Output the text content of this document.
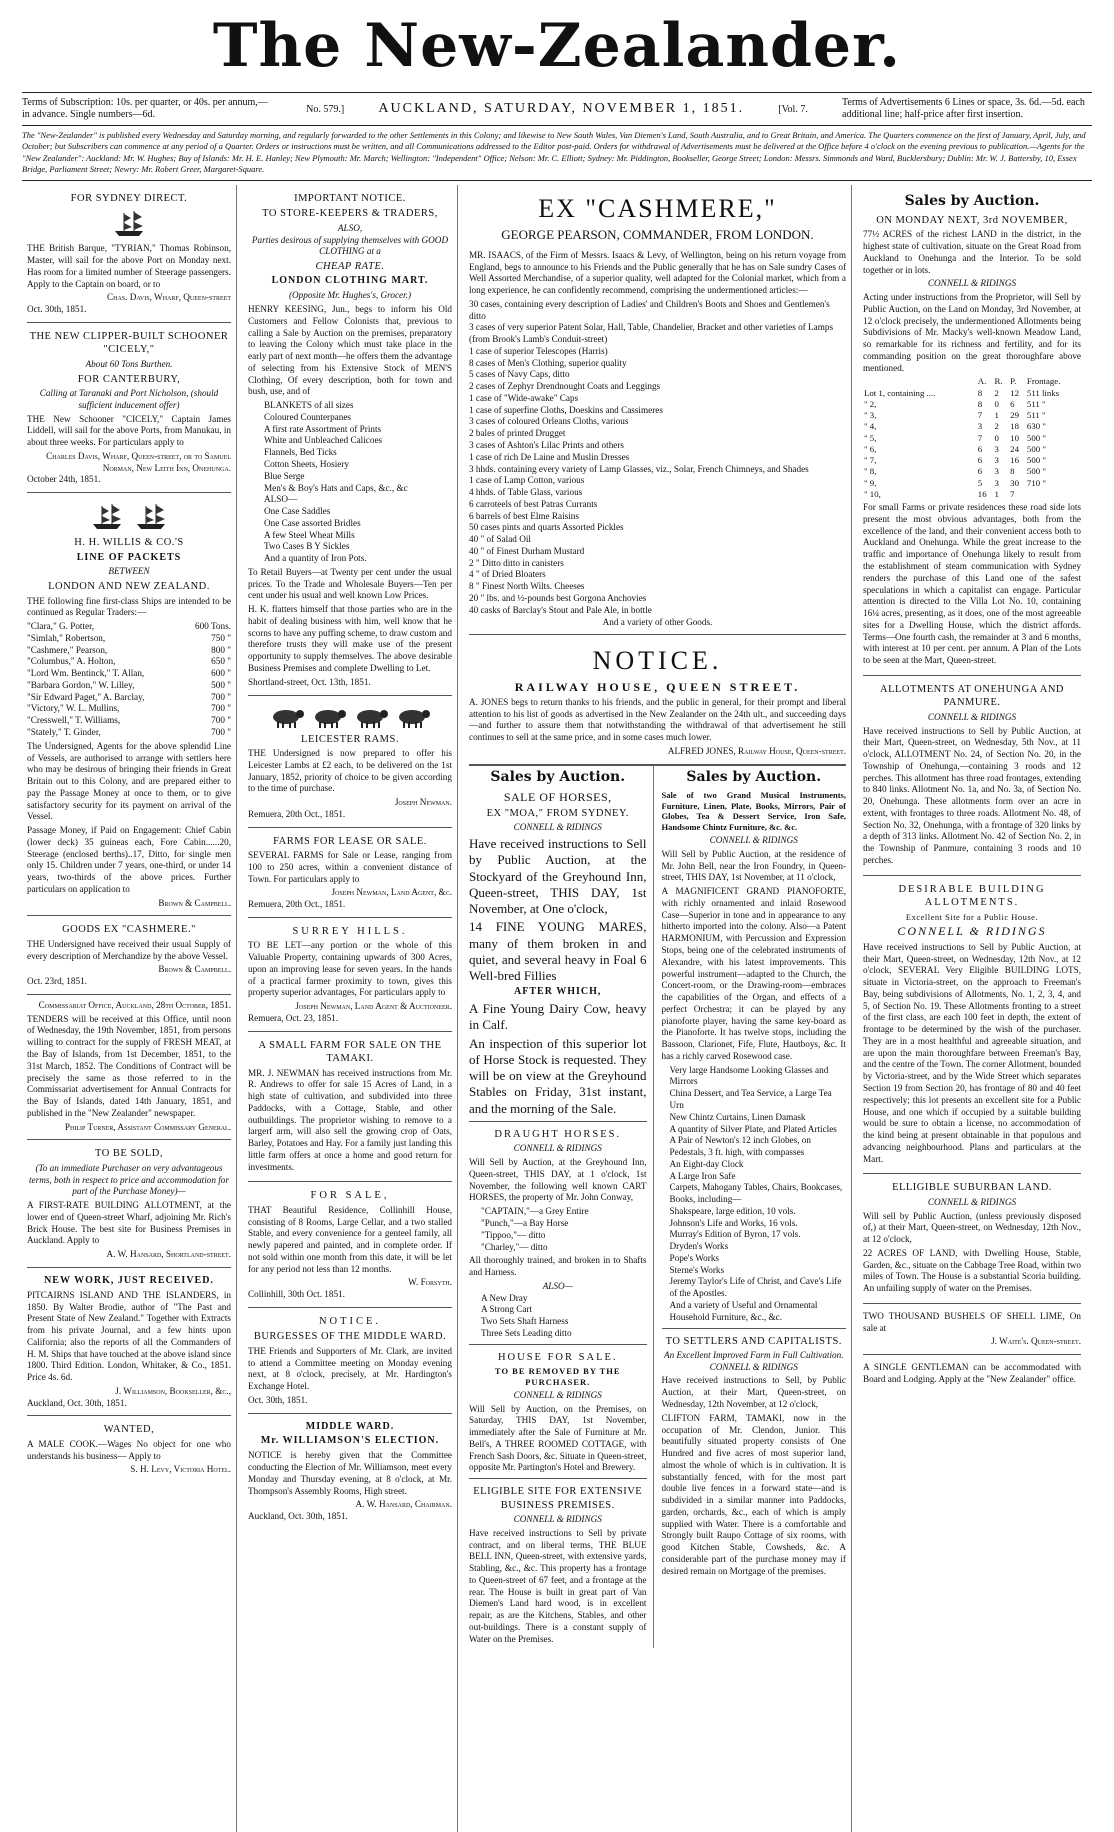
The New-Zealander.
Terms of Subscription: 10s. per quarter, or 40s. per annum,—in advance. Single numbers—6d.	No. 579.] AUCKLAND, SATURDAY, NOVEMBER 1, 1851.	[Vol. 7.
Terms of Advertisements 6 Lines or space, 3s. 6d.—5d. each additional line; half-price after first insertion.
The "New-Zealander" is published every Wednesday and Saturday morning, and regularly forwarded to the other Settlements in this Colony; and likewise to New South Wales, Van Diemen's Land, South Australia, and to Great Britain, and America. The Quarters commence on the first of January, April, July, and October; but Subscribers can commence at any period of a Quarter. Orders or instructions must be written, and all Communications addressed to the Editor post-paid. Orders for withdrawal of Advertisements must be delivered at the Office before 4 o'clock on the evening previous to publication.—Agents for the "New Zealander": Auckland: Mr. W. Hughes; Bay of Islands: Mr. H. E. Hanley; New Plymouth: Mr. March; Wellington: "Independent" Office; Nelson: Mr. C. Elliott; Sydney: Mr. Piddington, Bookseller, George Street; London: Messrs. Simmonds and Ward, Bucklersbury; Dublin: Mr. W. J. Battersby, 10, Essex Bridge, Parliament Street; Newry: Mr. Robert Greer, Margaret-Square.
FOR SYDNEY DIRECT.

THE British Barque, "TYRIAN," Thomas Robinson, Master, will sail for the above Port on Monday next. Has room for a limited number of Steerage passengers. Apply to the Captain on board, or to

Chas. Davis, Wharf, Queen-street
Oct. 30th, 1851.
THE NEW CLIPPER-BUILT SCHOONER "CICELY,"
About 60 Tons Burthen.
FOR CANTERBURY,
Calling at Taranaki and Port Nicholson, (should sufficient inducement offer)

THE New Schooner "CICELY," Captain James Liddell, will sail for the above Ports, from Manukau, in about three weeks. For particulars apply to

Charles Davis, Wharf, Queen-street, or to Samuel Norman, New Leith Inn, Onehunga.
October 24th, 1851.
H. H. WILLIS & CO.'S
LINE OF PACKETS
BETWEEN
LONDON AND NEW ZEALAND.

THE following fine first-class Ships are intended to be continued as Regular Traders:—

"Clara," G. Potter,	600 Tons.
"Simlah," Robertson,	750 "
"Cashmere," Pearson,	800 "
"Columbus," A. Holton,	650 "
"Lord Wm. Bentinck," T. Allan,	600 "
"Barbara Gordon," W. Lilley,	500 "
"Sir Edward Paget," A. Barclay,	700 "
"Victory," W. L. Mullins,	700 "
"Cresswell," T. Williams,	700 "
"Stately," T. Ginder,	700 "

The Undersigned, Agents for the above splendid Line of Vessels, are authorised to arrange with settlers here who may be desirous of bringing their friends in Great Britain out to this Colony, and are prepared either to pay the Passage Money at once to them, or to give satisfactory security for its payment on arrival of the Vessel.

Passage Money, if Paid on Engagement: Chief Cabin (lower deck) 35 guineas each, Fore Cabin......20, Steerage (enclosed berths)..17, Ditto, for single men only 15. Children under 7 years, one-third, or under 14 years, two-thirds of the above prices. Further particulars on application to

Brown & Campbell.
GOODS EX "CASHMERE."

THE Undersigned have received their usual Supply of every description of Merchandize by the above Vessel.

Brown & Campbell.
Oct. 23rd, 1851.
Commissariat Office, Auckland, 28th October, 1851.

TENDERS will be received at this Office, until noon of Wednesday, the 19th November, 1851, from persons willing to contract for the supply of FRESH MEAT, at the Bay of Islands, from 1st December, 1851, to the 31st March, 1852. The Conditions of Contract will be precisely the same as those referred to in the Commissariat advertisement for Annual Contracts for the Bay of Islands, dated 14th January, 1851, and published in the "New Zealander" newspaper.

Philip Turner, Assistant Commissary General.
TO BE SOLD,
(To an immediate Purchaser on very advantageous terms, both in respect to price and accommodation for part of the Purchase Money)—

A FIRST-RATE BUILDING ALLOTMENT, at the lower end of Queen-street Wharf, adjoining Mr. Rich's Brick House. The best site for Business Premises in Auckland. Apply to

A. W. Hansard, Shortland-street.
NEW WORK, JUST RECEIVED.

PITCAIRNS ISLAND AND THE ISLANDERS, in 1850. By Walter Brodie, author of "The Past and Present State of New Zealand." Together with Extracts from his private Journal, and a few hints upon California; also the reports of all the Commanders of H. M. Ships that have touched at the above island since 1800. Third Edition. London, Whitaker, & Co., 1851. Price 4s. 6d.

J. Williamson, Bookseller, &c.,
Auckland, Oct. 30th, 1851.
WANTED,

A MALE COOK.—Wages No object for one who understands his business— Apply to

S. H. Levy, Victoria Hotel.
IMPORTANT NOTICE.
TO STORE-KEEPERS & TRADERS,
ALSO,
Parties desirous of supplying themselves with GOOD CLOTHING at a
CHEAP RATE.
LONDON CLOTHING MART.
(Opposite Mr. Hughes's, Grocer.)

HENRY KEESING, Jun., begs to inform his Old Customers and Fellow Colonists that, previous to calling a Sale by Auction on the premises, preparatory to leaving the Colony which must take place in the early part of next month—he offers them the advantage of selecting from his Extensive Stock of MEN'S Clothing, Of every description, both for town and bush, use, and of

BLANKETS of all sizes
Coloured Counterpanes
A first rate Assortment of Prints
White and Unbleached Calicoes
Flannels, Bed Ticks
Cotton Sheets, Hosiery
Blue Serge
Men's & Boy's Hats and Caps, &c., &c
ALSO—
One Case Saddles
One Case assorted Bridles
A few Steel Wheat Mills
Two Cases B Y Sickles
And a quantity of Iron Pots.

To Retail Buyers—at Twenty per cent under the usual prices. To the Trade and Wholesale Buyers—Ten per cent under his usual and well known Low Prices.

H. K. flatters himself that those parties who are in the habit of dealing business with him, well know that he scorns to have any puffing scheme, to draw custom and therefore trusts they will make use of the present opportunity to supply themselves. The above desirable Business Premises and complete Dwelling to Let.

Shortland-street, Oct. 13th, 1851.
LEICESTER RAMS.

THE Undersigned is now prepared to offer his Leicester Lambs at £2 each, to be delivered on the 1st January, 1852, priority of choice to be given according to the time of purchase.

Joseph Newman.
Remuera, 20th Oct., 1851.
FARMS FOR LEASE OR SALE.

SEVERAL FARMS for Sale or Lease, ranging from 100 to 250 acres, within a convenient distance of Town. For particulars apply to

Joseph Newman, Land Agent, &c.
Remuera, 20th Oct., 1851.
SURREY HILLS.

TO BE LET—any portion or the whole of this Valuable Property, containing upwards of 300 Acres, upon an improving lease for seven years. In the hands of a practical farmer proximity to town, gives this property superior advantages, For particulars apply to

Joseph Newman, Land Agent & Auctioneer.
Remuera, Oct. 23, 1851.
A SMALL FARM FOR SALE ON THE TAMAKI.

MR. J. NEWMAN has received instructions from Mr. R. Andrews to offer for sale 15 Acres of Land, in a high state of cultivation, and subdivided into three Paddocks, with a Cottage, Stable, and other outbuildings. The proprietor wishing to remove to a largerf arm, will also sell the growing crop of Oats, Barley, Potatoes and Hay. For a family just landing this little farm offers at once a home and good return for investments.

FOR SALE,

THAT Beautiful Residence, Collinhill House, consisting of 8 Rooms, Large Cellar, and a two stalled Stable, and every convenience for a genteel family, all newly papered and painted, and in complete order. If not sold within one month from this date, it will be let for any period not less than 12 months.

W. Forsyth.
Collinhill, 30th Oct. 1851.
NOTICE.
BURGESSES OF THE MIDDLE WARD.

THE Friends and Supporters of Mr. Clark, are invited to attend a Committee meeting on Monday evening next, at 8 o'clock, precisely, at Mr. Hardington's Exchange Hotel.

Oct. 30th, 1851.
MIDDLE WARD.
Mr. WILLIAMSON'S ELECTION.

NOTICE is hereby given that the Committee conducting the Election of Mr. Williamson, meet every Monday and Thursday evening, at 8 o'clock, at Mr. Thompson's Assembly Rooms, High street.

A. W. Hansard, Chairman.
Auckland, Oct. 30th, 1851.
EX "CASHMERE,"
GEORGE PEARSON, COMMANDER, FROM LONDON.

MR. ISAACS, of the Firm of Messrs. Isaacs & Levy, of Wellington, being on his return voyage from England, begs to announce to his Friends and the Public generally that he has on Sale sundry Cases of Well Assorted Merchandise, of a superior quality, well adapted for the Colonial market, which from a long experience, he can confidently recommend, comprising the undermentioned articles:—

30 cases, containing every description of Ladies' and Children's Boots and Shoes and Gentlemen's ditto
3 cases of very superior Patent Solar, Hall, Table, Chandelier, Bracket and other varieties of Lamps (from Brook's Lamb's Conduit-street)
1 case of superior Telescopes (Harris)
8 cases of Men's Clothing, superior quality
5 cases of Navy Caps, ditto
2 cases of Zephyr Drendnought Coats and Leggings
1 case of "Wide-awake" Caps
1 case of superfine Cloths, Doeskins and Cassimeres
3 cases of coloured Orleans Cloths, various
2 bales of printed Drugget
3 cases of Ashton's Lilac Prints and others
1 case of rich De Laine and Muslin Dresses
3 hhds. containing every variety of Lamp Glasses, viz., Solar, French Chimneys, and Shades
1 case of Lamp Cotton, various
4 hhds. of Table Glass, various
6 carroteels of best Patras Currants
6 barrels of best Elme Raisins
50 cases pints and quarts Assorted Pickles
40 " of Salad Oil
40 " of Finest Durham Mustard
2 " Ditto ditto in canisters
4 " of Dried Bloaters
8 " Finest North Wilts. Cheeses
20 " lbs. and ½-pounds best Gorgona Anchovies
40 casks of Barclay's Stout and Pale Ale, in bottle
And a variety of other Goods.
NOTICE.
RAILWAY HOUSE, QUEEN STREET.

A. JONES begs to return thanks to his friends, and the public in general, for their prompt and liberal attention to his list of goods as advertised in the New Zealander on the 24th ult., and succeeding days—and further to assure them that notwithstanding the withdrawal of that advertisement he still continues to sell at the same price, and in some cases much lower.

ALFRED JONES, Railway House, Queen-street.
Sales by Auction.
SALE OF HORSES,
EX "MOA," FROM SYDNEY.
CONNELL & RIDINGS

Have received instructions to Sell by Public Auction, at the Stockyard of the Greyhound Inn, Queen-street, THIS DAY, 1st November, at One o'clock,

14 FINE YOUNG MARES, many of them broken in and quiet, and several heavy in Foal 6 Well-bred Fillies

AFTER WHICH,

A Fine Young Dairy Cow, heavy in Calf.

An inspection of this superior lot of Horse Stock is requested. They will be on view at the Greyhound Stables on Friday, 31st instant, and the morning of the Sale.

DRAUGHT HORSES.
CONNELL & RIDINGS

Will Sell by Auction, at the Greyhound Inn, Queen-street, THIS DAY, at 1 o'clock, 1st November, the following well known CART HORSES, the property of Mr. John Conway,

"CAPTAIN,"—a Grey Entire
"Punch,"—a Bay Horse
"Tippoo,"— ditto
"Charley,"— ditto

All thoroughly trained, and broken in to Shafts and Harness.

ALSO—
A New Dray
A Strong Cart
Two Sets Shaft Harness
Three Sets Leading ditto
HOUSE FOR SALE.
TO BE REMOVED BY THE PURCHASER.
CONNELL & RIDINGS

Will Sell by Auction, on the Premises, on Saturday, THIS DAY, 1st November, immediately after the Sale of Furniture at Mr. Bell's, A THREE ROOMED COTTAGE, with French Sash Doors, &c. Situate in Queen-street, opposite Mr. Partington's Hotel and Brewery.

ELIGIBLE SITE FOR EXTENSIVE BUSINESS PREMISES.
CONNELL & RIDINGS

Have received instructions to Sell by private contract, and on liberal terms, THE BLUE BELL INN, Queen-street, with extensive yards, Stabling, &c., &c. This property has a frontage to Queen-street of 67 feet, and a frontage at the rear. The House is built in great part of Van Diemen's Land hard wood, is in excellent repair, as are the Kitchens, Stables, and other out-buildings. There is a constant supply of Water on the Premises.

Sales by Auction.

Sale of two Grand Musical Instruments, Furniture, Linen, Plate, Books, Mirrors, Pair of Globes, Tea & Dessert Service, Iron Safe, Handsome Chintz Furniture, &c. &c.

CONNELL & RIDINGS

Will Sell by Public Auction, at the residence of Mr. John Bell, near the Iron Foundry, in Queen-street, THIS DAY, 1st November, at 11 o'clock,

A MAGNIFICENT GRAND PIANOFORTE, with richly ornamented and inlaid Rosewood Case—Superior in tone and in appearance to any hitherto imported into the colony. Also—a Patent HARMONIUM, with Percussion and Expression Stops, being one of the celebrated instruments of Alexandre, with his latest improvements. This powerful instrument—adapted to the Church, the Concert-room, or the Drawing-room—embraces the capabilities of the Organ, and effects of a perfect Orchestra; it can be played by any pianoforte player, having the same key-board as the Pianoforte. It has twelve stops, including the Bassoon, Clarionet, Fife, Flute, Hautboys, &c. It has a richly carved Rosewood case.

Very large Handsome Looking Glasses and Mirrors
China Dessert, and Tea Service, a Large Tea Urn
New Chintz Curtains, Linen Damask
A quantity of Silver Plate, and Plated Articles
A Pair of Newton's 12 inch Globes, on Pedestals, 3 ft. high, with compasses
An Eight-day Clock
A Large Iron Safe
Carpets, Mahogany Tables, Chairs, Bookcases, Books, including—
Shakspeare, large edition, 10 vols.
Johnson's Life and Works, 16 vols.
Murray's Edition of Byron, 17 vols.
Dryden's Works
Pope's Works
Sterne's Works
Jeremy Taylor's Life of Christ, and Cave's Life of the Apostles.
And a variety of Useful and Ornamental Household Furniture, &c., &c.
TO SETTLERS AND CAPITALISTS.
An Excellent Improved Farm in Full Cultivation.
CONNELL & RIDINGS

Have received instructions to Sell, by Public Auction, at their Mart, Queen-street, on Wednesday, 12th November, at 12 o'clock,

CLIFTON FARM, TAMAKI, now in the occupation of Mr. Clendon, Junior. This beautifully situated property consists of One Hundred and five acres of most superior land, almost the whole of which is in cultivation. It is substantially fenced, with for the most part double live fences in a forward state—and is subdivided in a similar manner into Paddocks, garden, orchards, &c., each of which is amply supplied with Water. There is a comfortable and Strongly built Raupo Cottage of six rooms, with good Kitchen Stable, Cowsheds, &c. A considerable part of the purchase money may if desired remain on Mortgage of the premises.

Sales by Auction.
ON MONDAY NEXT, 3rd NOVEMBER,

77½ ACRES of the richest LAND in the district, in the highest state of cultivation, situate on the Great Road from Auckland to Onehunga and the Interior. To be sold together or in lots.

CONNELL & RIDINGS

Acting under instructions from the Proprietor, will Sell by Public Auction, on the Land on Monday, 3rd November, at 12 o'clock precisely, the undermentioned Allotments being Subdivisions of Mr. Macky's well-known Meadow Land, so remarkable for its richness and fertility, and for its commanding position on the great thoroughfare above mentioned.

	A.	R.	P.	Frontage.
Lot 1, containing ....	8	2	12	511 links
" 2,	8	0	6	511 "
" 3,	7	1	29	511 "
" 4,	3	2	18	630 "
" 5,	7	0	10	500 "
" 6,	6	3	24	500 "
" 7,	6	3	16	500 "
" 8,	6	3	8	500 "
" 9,	5	3	30	710 "
" 10,	16	1	7	

For small Farms or private residences these road side lots present the most obvious advantages, both from the excellence of the land, and their convenient access both to Auckland and Onehunga. While the great increase to the traffic and importance of Onehunga likely to result from the establishment of steam communication with Sydney renders the purchase of this Land one of the safest speculations in which a capitalist can engage. Particular attention is directed to the Villa Lot No. 10, containing 16¼ acres, presenting, as it does, one of the most agreeable sites for a Dwelling House, which the district affords. Terms—One fourth cash, the remainder at 3 and 6 months, with interest at 10 per cent. per annum. A Plan of the Lots to be seen at the Mart, Queen-street.

ALLOTMENTS AT ONEHUNGA AND PANMURE.
CONNELL & RIDINGS

Have received instructions to Sell by Public Auction, at their Mart, Queen-street, on Wednesday, 5th Nov., at 11 o'clock, ALLOTMENT No. 24, of Section No. 20, in the Township of Onehunga,—containing 3 roods and 12 perches. This allotment has three road frontages, extending to 840 links. Allotment No. 1a, and No. 3a, of Section No. 20, Onehunga. These allotments form over an acre in extent, with frontages to three roads. Allotment No. 48, of Section No. 32, Onehunga, with a frontage of 320 links by a depth of 313 links. Allotment No. 42 of Section No. 2, in the Township of Panmure, containing 3 roods and 10 perches.

DESIRABLE BUILDING ALLOTMENTS.
Excellent Site for a Public House.
CONNELL & RIDINGS

Have received instructions to Sell by Public Auction, at their Mart, Queen-street, on Wednesday, 12th Nov., at 12 o'clock, SEVERAL Very Eligible BUILDING LOTS, situate in Victoria-street, on the approach to Freeman's Bay, being subdivisions of Allotments, No. 1, 2, 3, 4, and 5, of Section No. 19. These Allotments fronting to a street of the first class, are each 100 feet in depth, the extent of frontage to be determined by the wish of the purchaser. They are in a most healthful and agreeable situation, and are upon the main thoroughfare between Freeman's Bay, and the centre of the Town. The corner Allotment, bounded by Victoria-street, and by the Wide Street which separates Section 19 from Section 20, has frontage of 80 and 40 feet respectively; this lot presents an excellent site for a Public House, and one which if occupied by a suitable building would be sure to obtain a license, no accommodation of the kind being at present obtainable in that populous and advancing neighbourhood. Plans and particulars at the Mart.

ELLIGIBLE SUBURBAN LAND.
CONNELL & RIDINGS

Will sell by Public Auction, (unless previously disposed of,) at their Mart, Queen-street, on Wednesday, 12th Nov., at 12 o'clock,

22 ACRES OF LAND, with Dwelling House, Stable, Garden, &c., situate on the Cabbage Tree Road, within two miles of Town. The House is a substantial Scoria building. An unfailing supply of water on the Premises.

TWO THOUSAND BUSHELS OF SHELL LIME, On sale at

J. Waite's. Queen-street.

A SINGLE GENTLEMAN can be accommodated with Board and Lodging. Apply at the "New Zealander" office.
